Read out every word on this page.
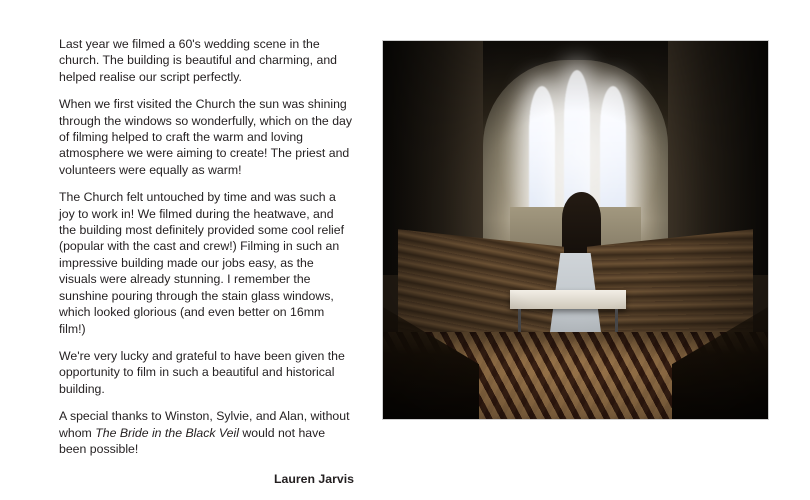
Last year we filmed a 60's wedding scene in the church. The building is beautiful and charming, and helped realise our script perfectly.

When we first visited the Church the sun was shining through the windows so wonderfully, which on the day of filming helped to craft the warm and loving atmosphere we were aiming to create! The priest and volunteers were equally as warm!

The Church felt untouched by time and was such a joy to work in! We filmed during the heatwave, and the building most definitely provided some cool relief (popular with the cast and crew!) Filming in such an impressive building made our jobs easy, as the visuals were already stunning. I remember the sunshine pouring through the stain glass windows, which looked glorious (and even better on 16mm film!)

We're very lucky and grateful to have been given the opportunity to film in such a beautiful and historical building.

A special thanks to Winston, Sylvie, and Alan, without whom The Bride in the Black Veil would not have been possible!

Lauren Jarvis
